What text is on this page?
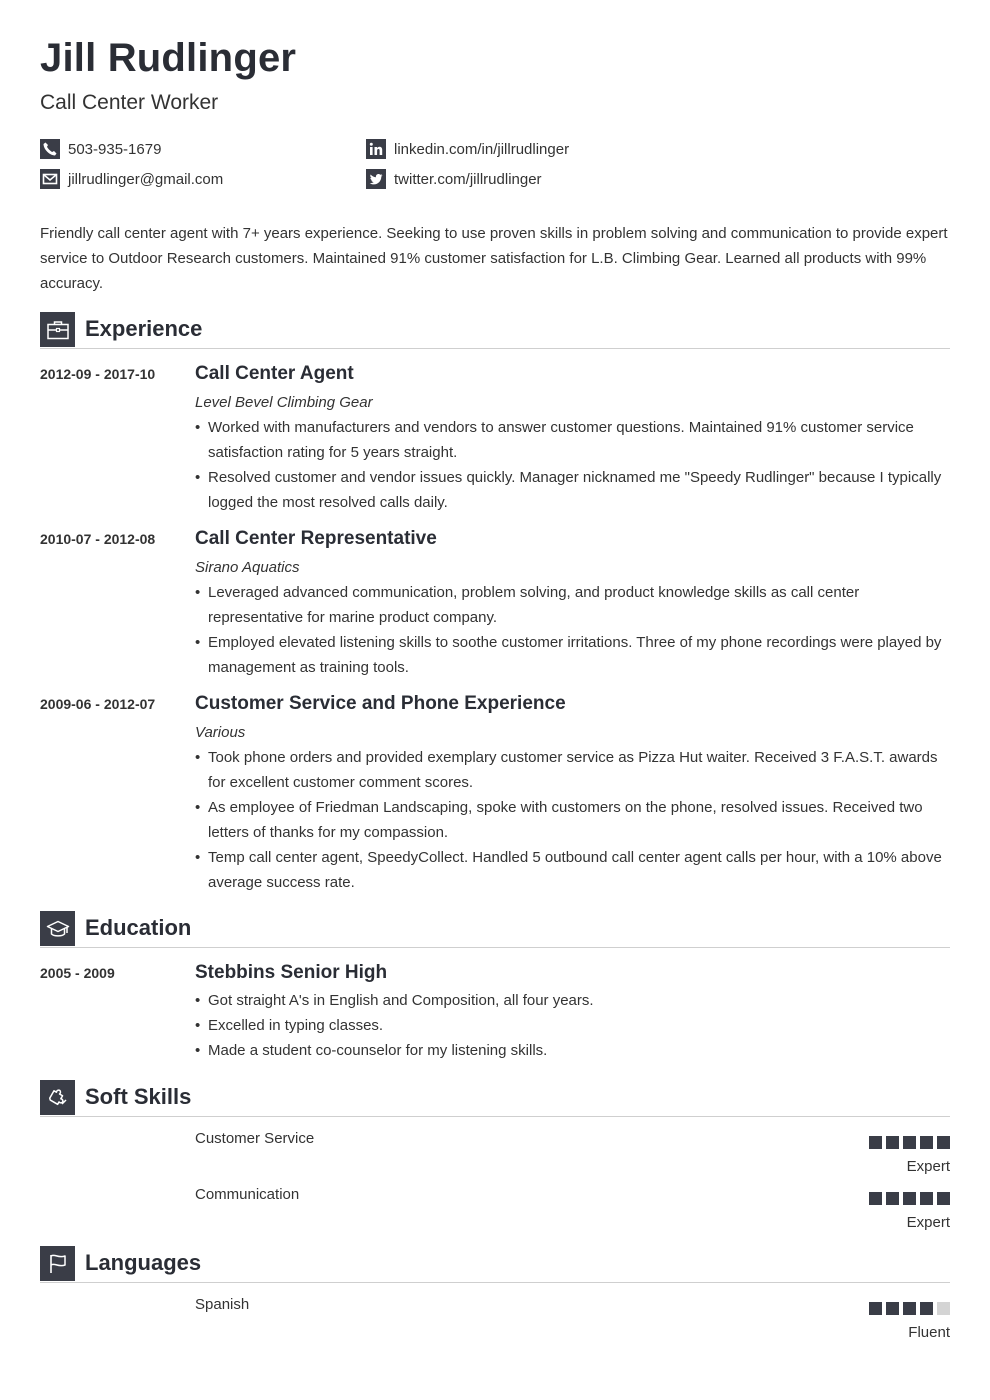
Jill Rudlinger
Call Center Worker
503-935-1679
jillrudlinger@gmail.com
linkedin.com/in/jillrudlinger
twitter.com/jillrudlinger
Friendly call center agent with 7+ years experience. Seeking to use proven skills in problem solving and communication to provide expert service to Outdoor Research customers. Maintained 91% customer satisfaction for L.B. Climbing Gear. Learned all products with 99% accuracy.
Experience
2012-09 - 2017-10 Call Center Agent
Level Bevel Climbing Gear
• Worked with manufacturers and vendors to answer customer questions. Maintained 91% customer service satisfaction rating for 5 years straight.
• Resolved customer and vendor issues quickly. Manager nicknamed me "Speedy Rudlinger" because I typically logged the most resolved calls daily.
2010-07 - 2012-08 Call Center Representative
Sirano Aquatics
• Leveraged advanced communication, problem solving, and product knowledge skills as call center representative for marine product company.
• Employed elevated listening skills to soothe customer irritations. Three of my phone recordings were played by management as training tools.
2009-06 - 2012-07 Customer Service and Phone Experience
Various
• Took phone orders and provided exemplary customer service as Pizza Hut waiter. Received 3 F.A.S.T. awards for excellent customer comment scores.
• As employee of Friedman Landscaping, spoke with customers on the phone, resolved issues. Received two letters of thanks for my compassion.
• Temp call center agent, SpeedyCollect. Handled 5 outbound call center agent calls per hour, with a 10% above average success rate.
Education
2005 - 2009	Stebbins Senior High
• Got straight A's in English and Composition, all four years.
• Excelled in typing classes.
• Made a student co-counselor for my listening skills.
Soft Skills
Customer Service
Expert
Communication
Expert
Languages
Spanish
Fluent
